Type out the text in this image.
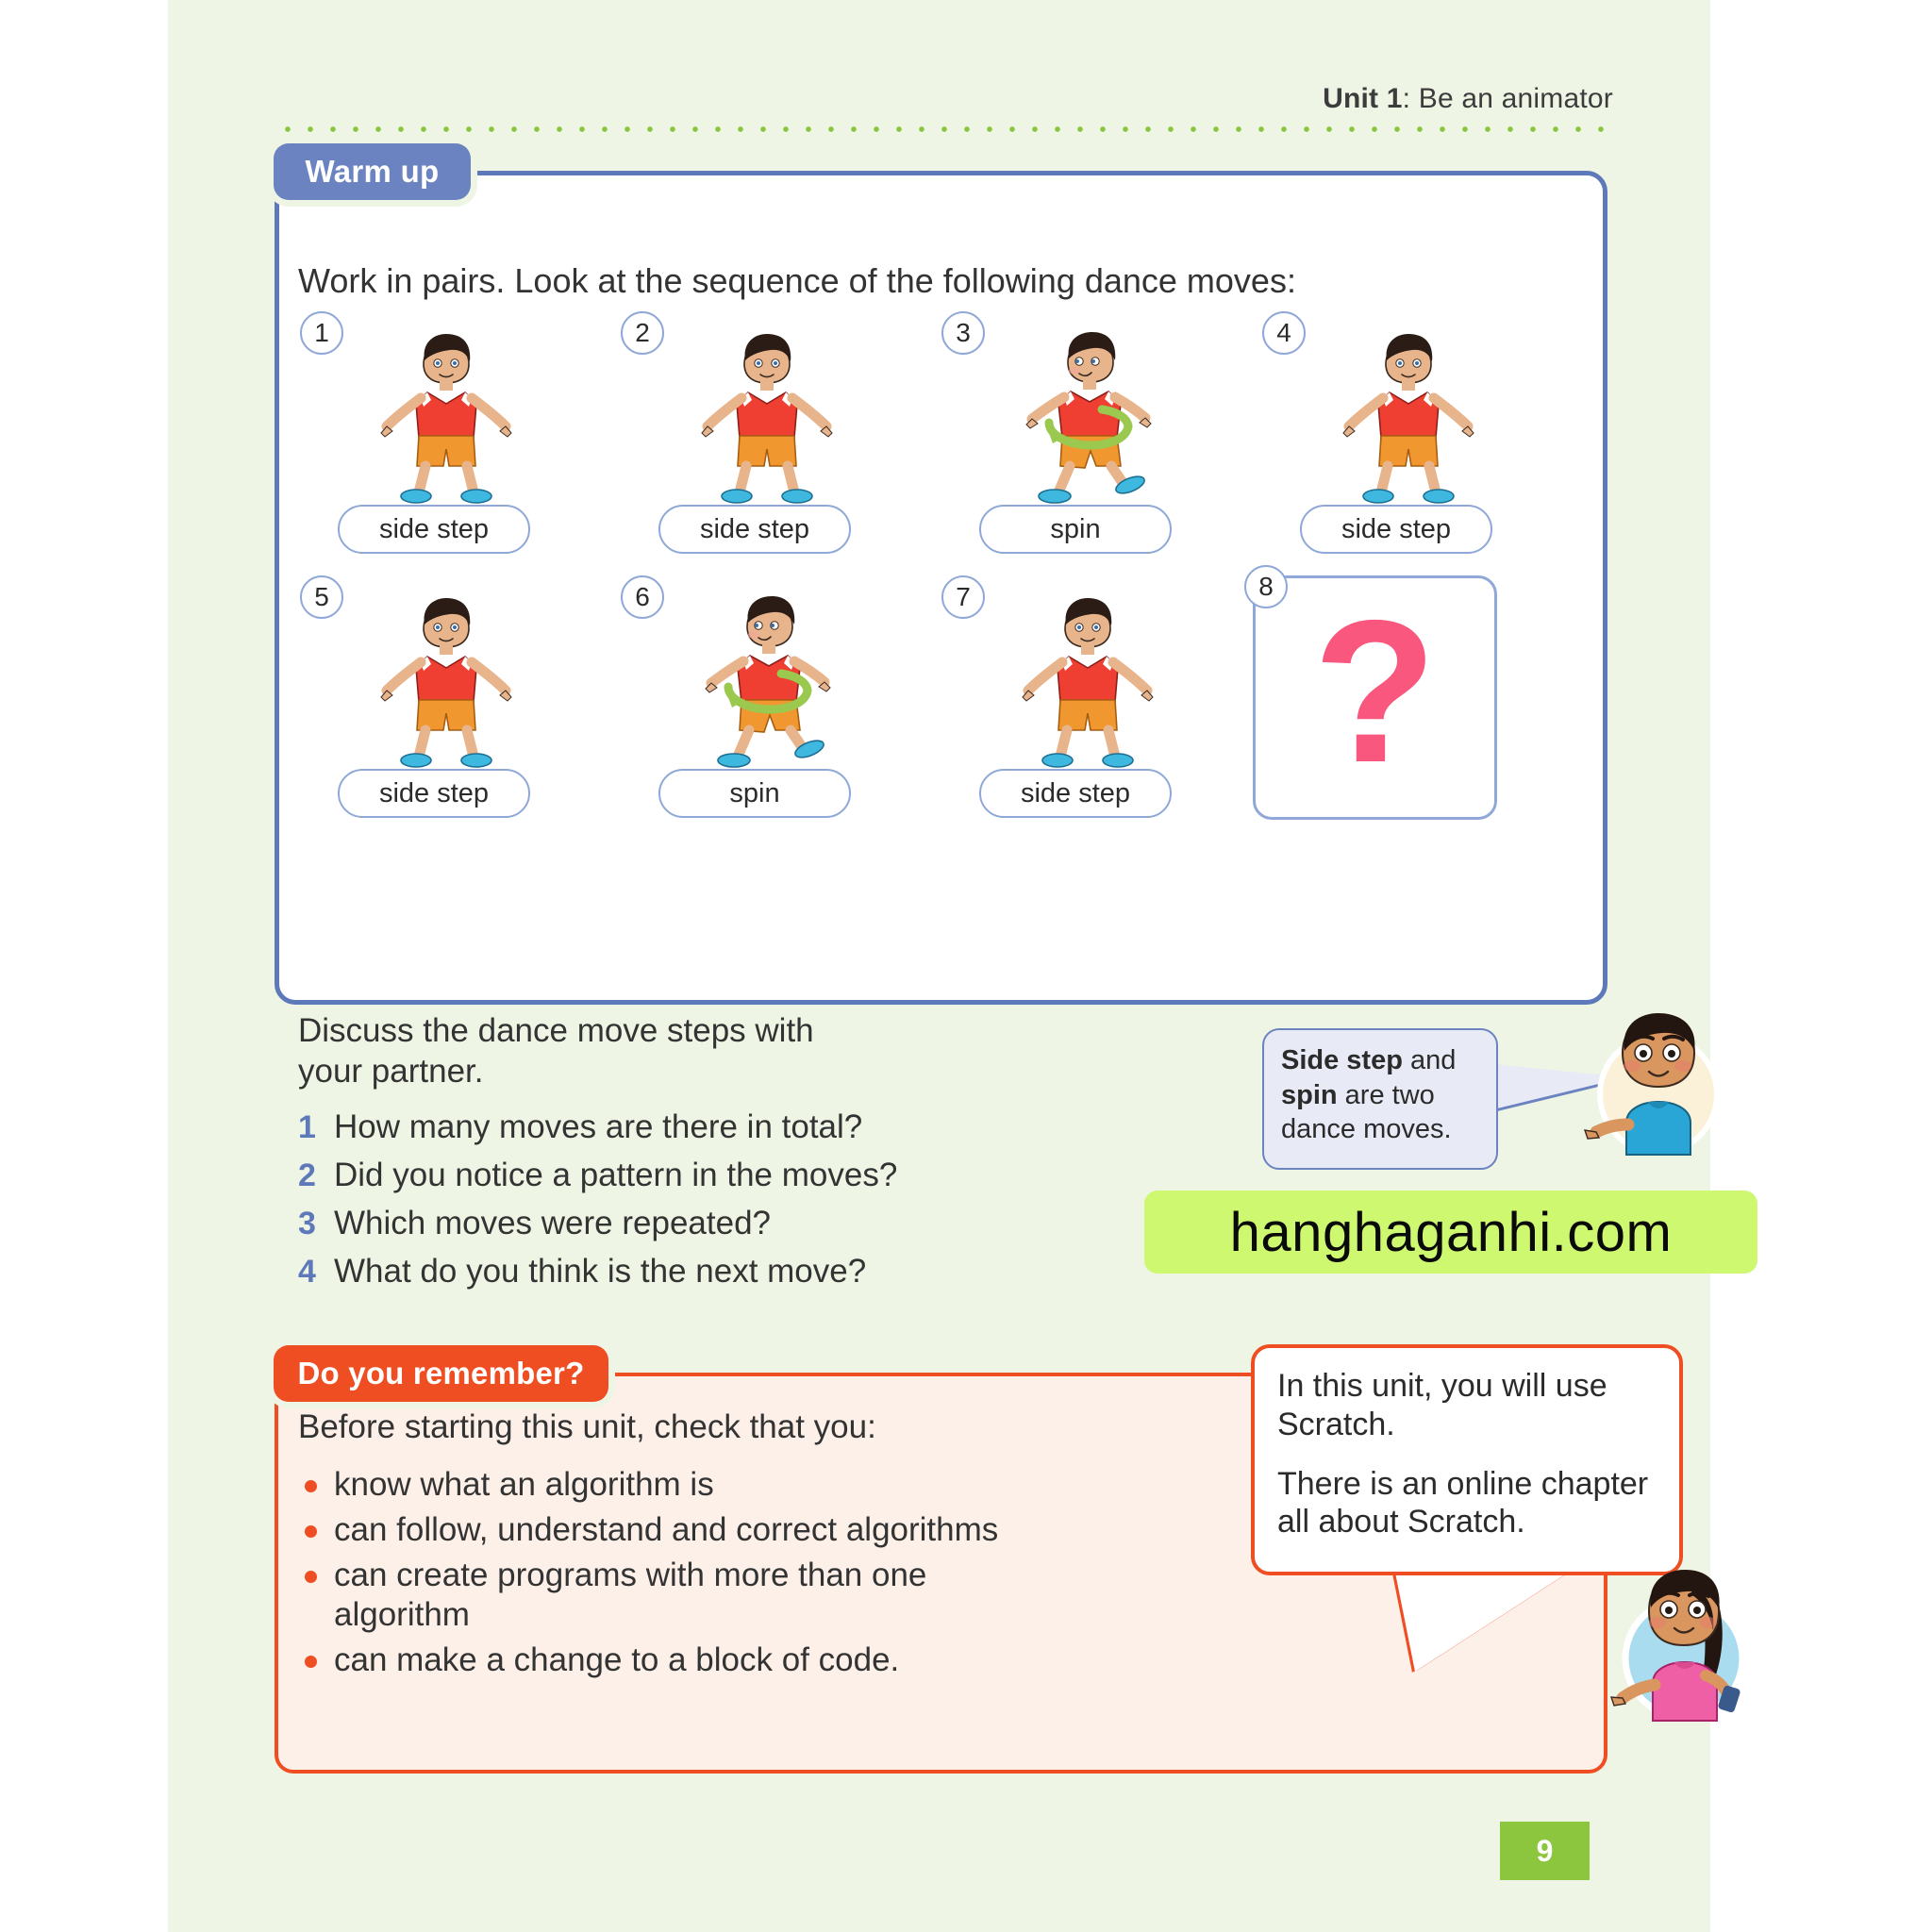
Unit 1: Be an animator
Warm up
Work in pairs. Look at the sequence of the following dance moves:
1
side step
2
side step
3
spin
4
side step
5
side step
6
spin
7
side step
8 ?
Discuss the dance move steps with your partner.
1 How many moves are there in total?
2 Did you notice a pattern in the moves?
3 Which moves were repeated?
4 What do you think is the next move?
Side step and spin are two dance moves.
hanghaganhi.com
Do you remember?
Before starting this unit, check that you:
know what an algorithm is
can follow, understand and correct algorithms
can create programs with more than one algorithm
can make a change to a block of code.

In this unit, you will use Scratch.

There is an online chapter all about Scratch.

9
